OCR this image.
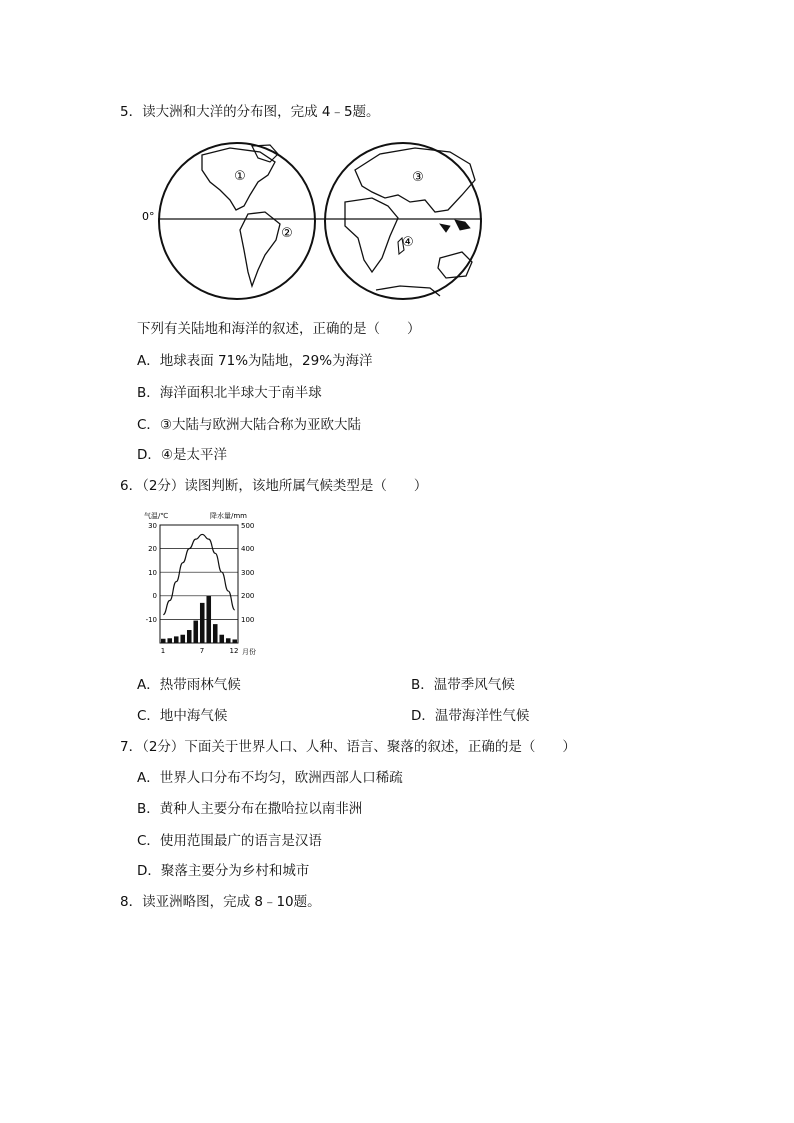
5．读大洲和大洋的分布图，完成 4﹣5题。
0°
①
②
③
④
下列有关陆地和海洋的叙述，正确的是（　　）
A．地球表面 71%为陆地，29%为海洋
B．海洋面积北半球大于南半球
C．③大陆与欧洲大陆合称为亚欧大陆
D．④是太平洋
6．（2分）读图判断，该地所属气候类型是（　　）
气温/℃	降水量/mm
30
20
10
0
-10
500
400
300
200
100
1	7	12 月份
A．热带雨林气候	B．温带季风气候
C．地中海气候	D．温带海洋性气候
7．（2分）下面关于世界人口、人种、语言、聚落的叙述，正确的是（　　）
A．世界人口分布不均匀，欧洲西部人口稀疏
B．黄种人主要分布在撒哈拉以南非洲
C．使用范围最广的语言是汉语
D．聚落主要分为乡村和城市
8．读亚洲略图，完成 8﹣10题。
